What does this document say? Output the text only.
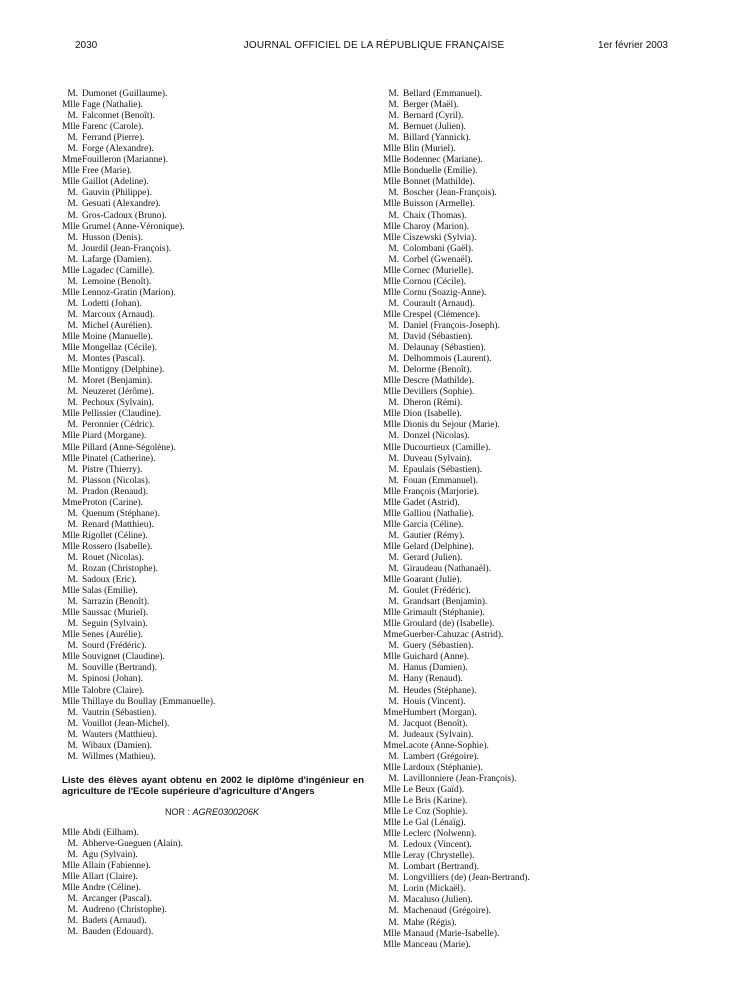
2030	JOURNAL OFFICIEL DE LA RÉPUBLIQUE FRANÇAISE	1er février 2003
M. Dumonet (Guillaume).
Mlle Fage (Nathalie).
M. Falconnet (Benoît).
Mlle Farenc (Carole).
M. Ferrand (Pierre).
M. Forge (Alexandre).
Mme Fouilleron (Marianne).
Mlle Free (Marie).
Mlle Gaillot (Adeline).
M. Gauvin (Philippe).
M. Gesuati (Alexandre).
M. Gros-Cadoux (Bruno).
Mlle Grumel (Anne-Véronique).
M. Husson (Denis).
M. Jourdil (Jean-François).
M. Lafarge (Damien).
Mlle Lagadec (Camille).
M. Lemoine (Benoît).
Mlle Lennoz-Gratin (Marion).
M. Lodetti (Johan).
M. Marcoux (Arnaud).
M. Michel (Aurélien).
Mlle Moine (Manuelle).
Mlle Mongellaz (Cécile).
M. Montes (Pascal).
Mlle Montigny (Delphine).
M. Moret (Benjamin).
M. Neuzeret (Jérôme).
M. Pechoux (Sylvain).
Mlle Pellissier (Claudine).
M. Peronnier (Cédric).
Mlle Piard (Morgane).
Mlle Pillard (Anne-Ségolène).
Mlle Pinatel (Catherine).
M. Pistre (Thierry).
M. Plasson (Nicolas).
M. Pradon (Renaud).
Mme Proton (Carine).
M. Quenum (Stéphane).
M. Renard (Matthieu).
Mlle Rigollet (Céline).
Mlle Rossero (Isabelle).
M. Rouet (Nicolas).
M. Rozan (Christophe).
M. Sadoux (Eric).
Mlle Salas (Emilie).
M. Sarrazin (Benoît).
Mlle Saussac (Muriel).
M. Seguin (Sylvain).
Mlle Senes (Aurélie).
M. Sourd (Frédéric).
Mlle Souvignet (Claudine).
M. Souville (Bertrand).
M. Spinosi (Johan).
Mlle Talobre (Claire).
Mlle Thillaye du Boullay (Emmanuelle).
M. Vautrin (Sébastien).
M. Vouillot (Jean-Michel).
M. Wauters (Matthieu).
M. Wibaux (Damien).
M. Willmes (Mathieu).
Liste des élèves ayant obtenu en 2002 le diplôme d'ingénieur en agriculture de l'Ecole supérieure d'agriculture d'Angers
NOR : AGRE0300206K
Mlle Abdi (Eilham).
M. Abherve-Gueguen (Alain).
M. Agu (Sylvain).
Mlle Allain (Fabienne).
Mlle Allart (Claire).
Mlle Andre (Céline).
M. Arcanger (Pascal).
M. Audreno (Christophe).
M. Badets (Arnaud).
M. Bauden (Edouard).
M. Bellard (Emmanuel).
M. Berger (Maël).
M. Bernard (Cyril).
M. Bernuet (Julien).
M. Billard (Yannick).
Mlle Blin (Muriel).
Mlle Bodennec (Mariane).
Mlle Bonduelle (Emilie).
Mlle Bonnet (Mathilde).
M. Boscher (Jean-François).
Mlle Buisson (Armelle).
M. Chaix (Thomas).
Mlle Charoy (Marion).
Mlle Ciszewski (Sylvia).
M. Colombani (Gaël).
M. Corbel (Gwenaël).
Mlle Cornec (Murielle).
Mlle Cornou (Cécile).
Mlle Cornu (Soazig-Anne).
M. Courault (Arnaud).
Mlle Crespel (Clémence).
M. Daniel (François-Joseph).
M. David (Sébastien).
M. Delaunay (Sébastien).
M. Delhommois (Laurent).
M. Delorme (Benoît).
Mlle Descre (Mathilde).
Mlle Devillers (Sophie).
M. Dheron (Rémi).
Mlle Dion (Isabelle).
Mlle Dionis du Sejour (Marie).
M. Donzel (Nicolas).
Mlle Ducourtieux (Camille).
M. Duveau (Sylvain).
M. Epaulais (Sébastien).
M. Fouan (Emmanuel).
Mlle François (Marjorie).
Mlle Gadet (Astrid).
Mlle Galliou (Nathalie).
Mlle Garcia (Céline).
M. Gautier (Rémy).
Mlle Gelard (Delphine).
M. Gerard (Julien).
M. Giraudeau (Nathanaël).
Mlle Goarant (Julie).
M. Goulet (Frédéric).
M. Grandsart (Benjamin).
Mlle Grimault (Stéphanie).
Mlle Groulard (de) (Isabelle).
Mme Guerber-Cahuzac (Astrid).
M. Guery (Sébastien).
Mlle Guichard (Anne).
M. Hanus (Damien).
M. Hany (Renaud).
M. Heudes (Stéphane).
M. Houis (Vincent).
Mme Humbert (Morgan).
M. Jacquot (Benoît).
M. Judeaux (Sylvain).
Mme Lacote (Anne-Sophie).
M. Lambert (Grégoire).
Mlle Lardoux (Stéphanie).
M. Lavillonniere (Jean-François).
Mlle Le Beux (Gaïd).
Mlle Le Bris (Karine).
Mlle Le Coz (Sophie).
Mlle Le Gal (Lénaïg).
Mlle Leclerc (Nolwenn).
M. Ledoux (Vincent).
Mlle Leray (Chrystelle).
M. Lombart (Bertrand).
M. Longvilliers (de) (Jean-Bertrand).
M. Lorin (Mickaël).
M. Macaluso (Julien).
M. Machenaud (Grégoire).
M. Mahe (Régis).
Mlle Manaud (Marie-Isabelle).
Mlle Manceau (Marie).
